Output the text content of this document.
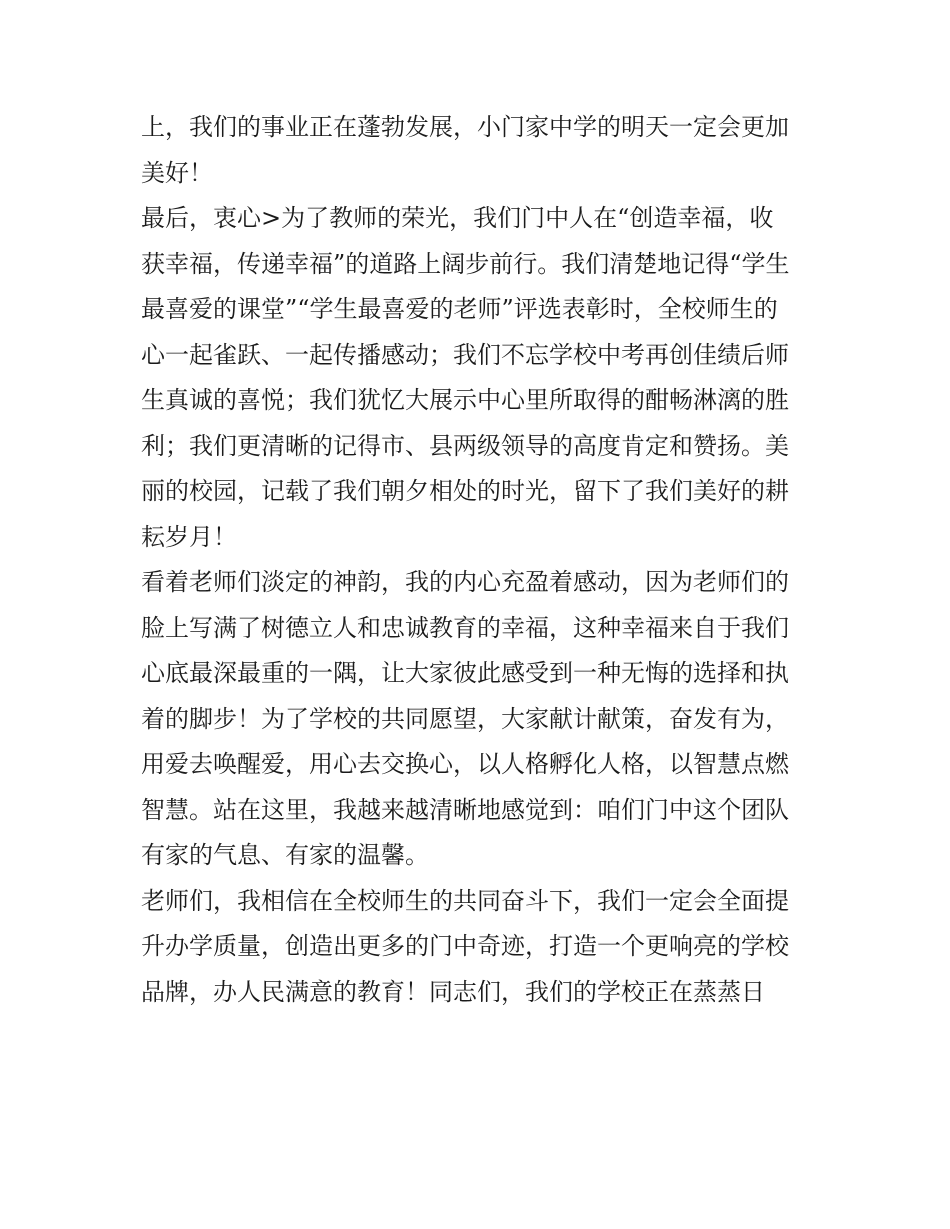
上，我们的事业正在蓬勃发展，小门家中学的明天一定会更加
美好！
最后，衷心>为了教师的荣光，我们门中人在“创造幸福，收
获幸福，传递幸福”的道路上阔步前行。我们清楚地记得“学生
最喜爱的课堂”“学生最喜爱的老师”评选表彰时，全校师生的
心一起雀跃、一起传播感动；我们不忘学校中考再创佳绩后师
生真诚的喜悦；我们犹忆大展示中心里所取得的酣畅淋漓的胜
利；我们更清晰的记得市、县两级领导的高度肯定和赞扬。美
丽的校园，记载了我们朝夕相处的时光，留下了我们美好的耕
耘岁月！
看着老师们淡定的神韵，我的内心充盈着感动，因为老师们的
脸上写满了树德立人和忠诚教育的幸福，这种幸福来自于我们
心底最深最重的一隅，让大家彼此感受到一种无悔的选择和执
着的脚步！为了学校的共同愿望，大家献计献策，奋发有为，
用爱去唤醒爱，用心去交换心，以人格孵化人格，以智慧点燃
智慧。站在这里，我越来越清晰地感觉到：咱们门中这个团队
有家的气息、有家的温馨。
老师们，我相信在全校师生的共同奋斗下，我们一定会全面提
升办学质量，创造出更多的门中奇迹，打造一个更响亮的学校
品牌，办人民满意的教育！同志们，我们的学校正在蒸蒸日
